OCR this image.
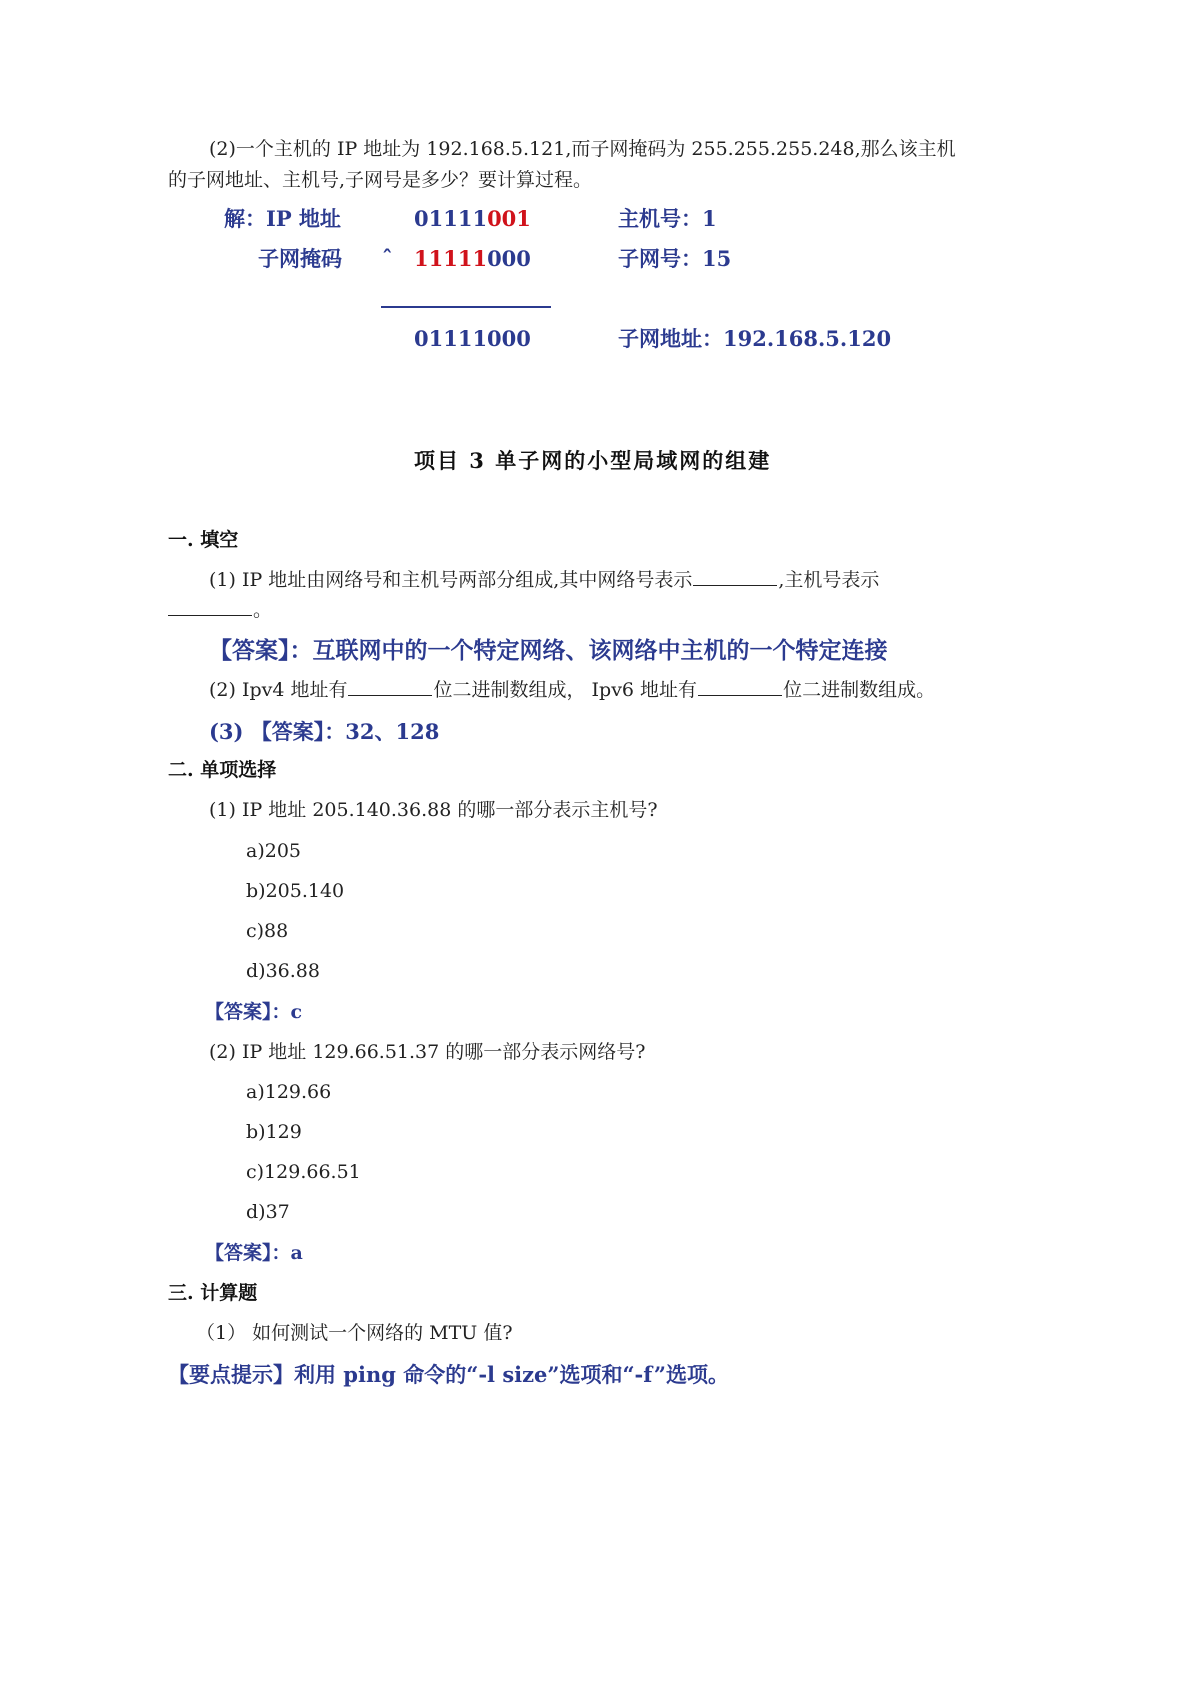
(2)一个主机的 IP 地址为 192.168.5.121,而子网掩码为 255.255.255.248,那么该主机
的子网地址、主机号,子网号是多少？要计算过程。
解：IP 地址	01111001	主机号：1
子网掩码 ˆ 11111000	子网号：15
01111000	子网地址：192.168.5.120
项目 3 单子网的小型局域网的组建
一. 填空
(1) IP 地址由网络号和主机号两部分组成,其中网络号表示	,主机号表示
。
【答案】：互联网中的一个特定网络、该网络中主机的一个特定连接
(2) Ipv4 地址有	位二进制数组成， Ipv6 地址有	位二进制数组成。
(3) 【答案】：32、128
二. 单项选择
(1) IP 地址 205.140.36.88 的哪一部分表示主机号?
a)205
b)205.140
c)88
d)36.88
【答案】：c
(2) IP 地址 129.66.51.37 的哪一部分表示网络号?
a)129.66
b)129
c)129.66.51
d)37
【答案】：a
三. 计算题
（1） 如何测试一个网络的 MTU 值?
【要点提示】利用 ping 命令的“-l size”选项和“-f”选项。
